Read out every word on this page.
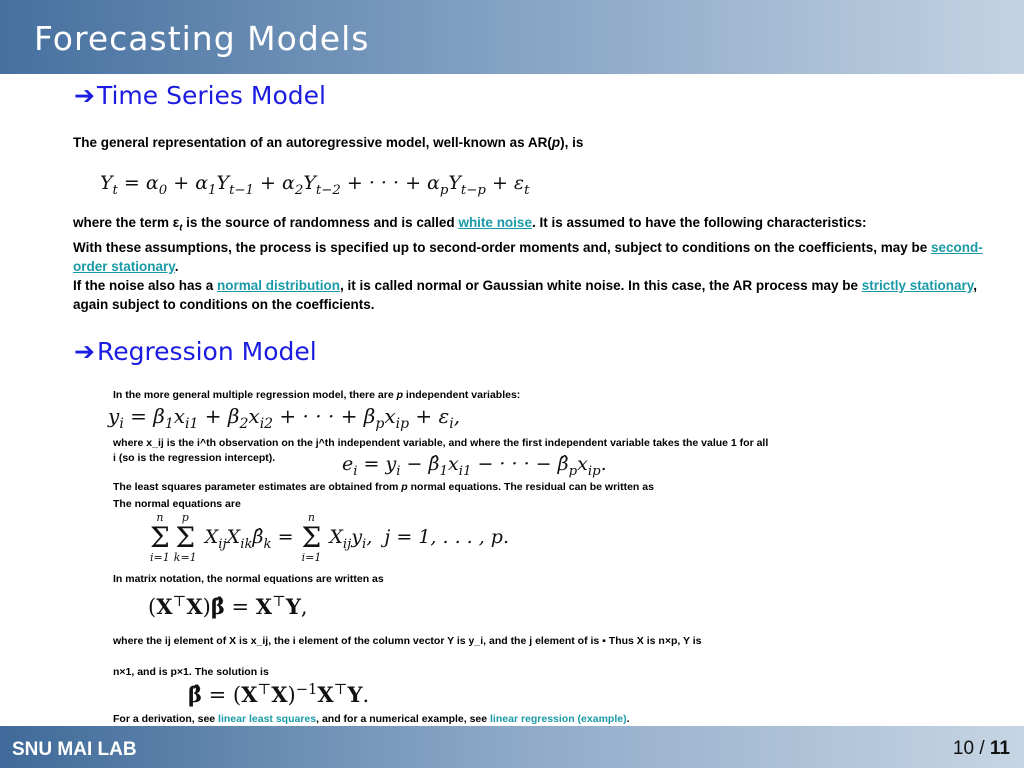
Forecasting Models
➔Time Series Model
The general representation of an autoregressive model, well-known as AR(p), is
$Y_t = \alpha_0 + \alpha_1Y_{t-1} + \alpha_2Y_{t-2}$ + · · · + $\alpha_pY_{t-p} + \varepsilon_t$
where the term $\varepsilon_t$ is the source of randomness and is called white noise. It is assumed to have the following characteristics:
With these assumptions, the process is specified up to second-order moments and, subject to conditions on the coefficients, may be second-order stationary.
If the noise also has a normal distribution, it is called normal or Gaussian white noise. In this case, the AR process may be strictly stationary, again subject to conditions on the coefficients.
➔Regression Model
In the more general multiple regression model, there are p independent variables:
$y_i = \beta_1x_{i1} + \beta_2x_{i2}$ + · · · + $\beta_px_{ip} + \varepsilon_i$,
where x_ij is the i^th observation on the j^th independent variable, and where the first independent variable takes the value 1 for all i (so is the regression intercept).	$e_i = y_i$ − $\betâ_1x_{i1}$ − · · · − $\betâ_px_{ip}$.
The least squares parameter estimates are obtained from p normal equations. The residual can be written as
The normal equations are
n
Σ
i=1
p
Σ
k=1
$X_{ij}X_{ik}\betâ_k$ =
n
Σ
i=1
$X_{ij}y_i$,  j = 1, . . . , p.
In matrix notation, the normal equations are written as
(X⊤X)β̂ = X⊤Y,
where the ij element of X is x_ij, the i element of the column vector Y is y_i, and the j element of is ▪ Thus X is n×p, Y is
n×1, and is p×1. The solution is
β̂ = $(X^⊤X)^{-1}X^⊤Y$.
For a derivation, see linear least squares, and for a numerical example, see linear regression (example).
SNU MAI LAB	10 / 11
